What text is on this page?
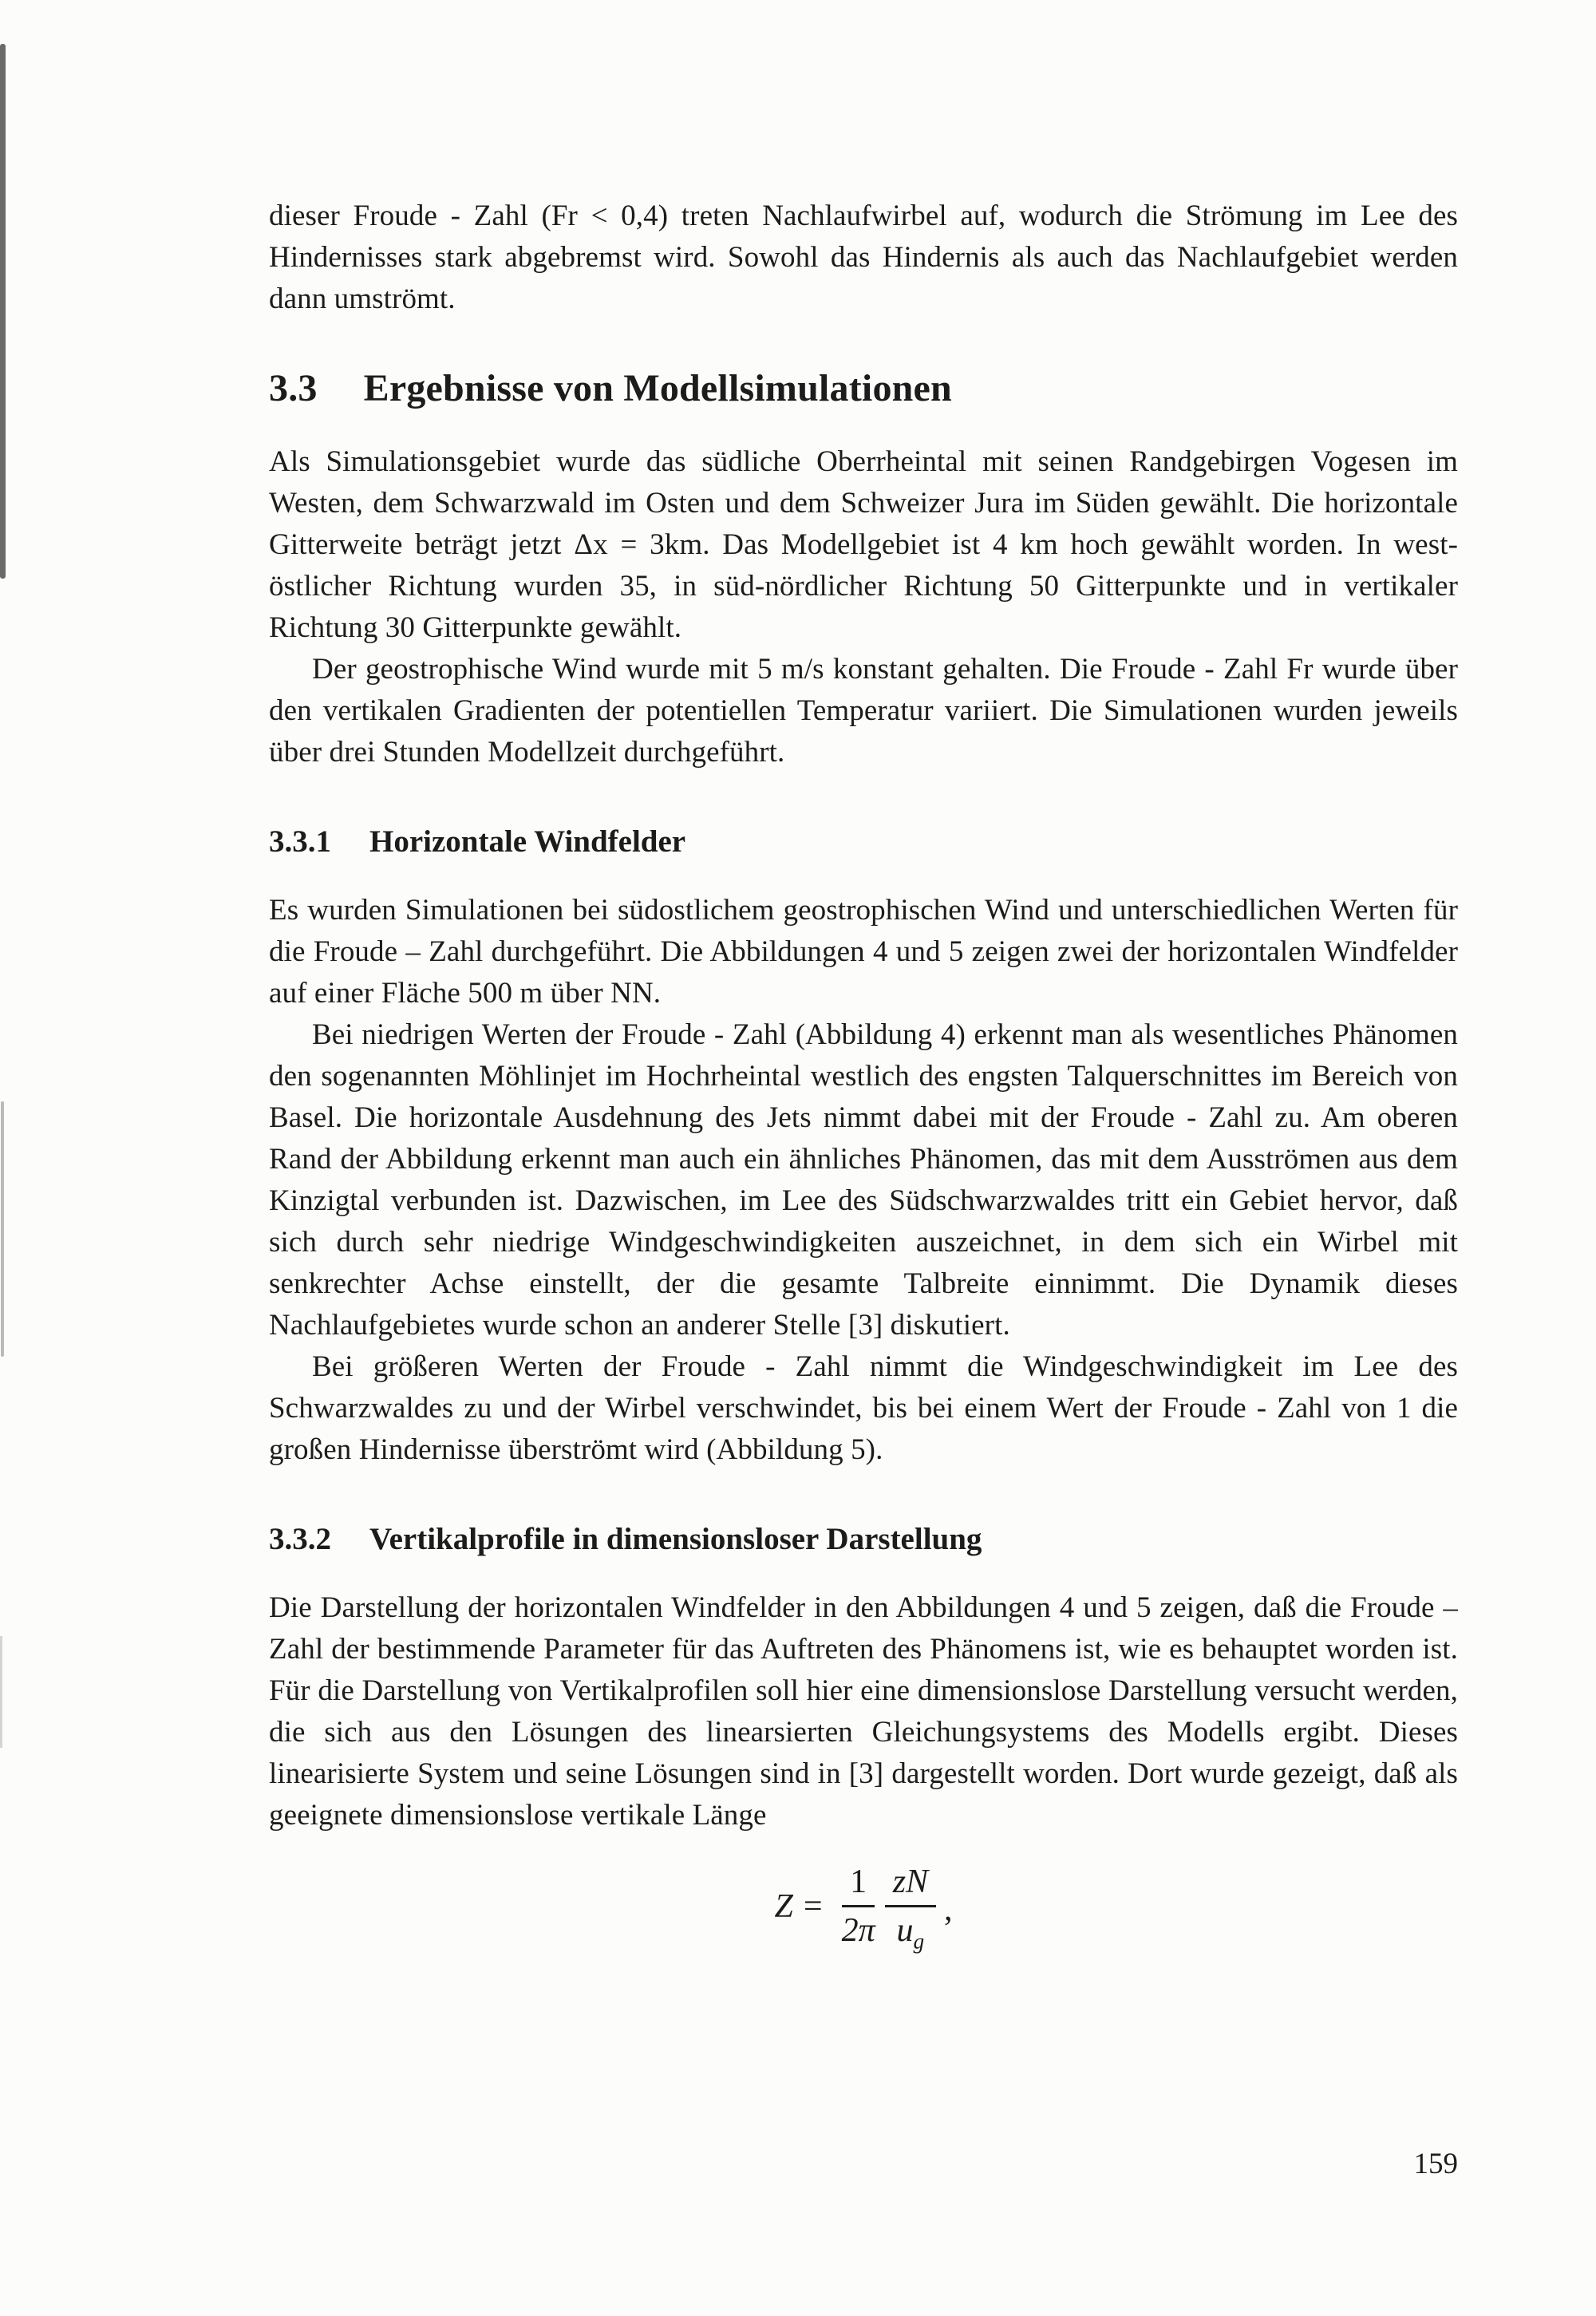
dieser Froude - Zahl (Fr < 0,4) treten Nachlaufwirbel auf, wodurch die Strömung im Lee des Hindernisses stark abgebremst wird. Sowohl das Hindernis als auch das Nachlaufgebiet werden dann umströmt.

3.3 Ergebnisse von Modellsimulationen

Als Simulationsgebiet wurde das südliche Oberrheintal mit seinen Randgebirgen Vogesen im Westen, dem Schwarzwald im Osten und dem Schweizer Jura im Süden gewählt. Die horizontale Gitterweite beträgt jetzt Δx = 3km. Das Modellgebiet ist 4 km hoch gewählt worden. In west- östlicher Richtung wurden 35, in süd-nördlicher Richtung 50 Gitterpunkte und in vertikaler Richtung 30 Gitterpunkte gewählt.

Der geostrophische Wind wurde mit 5 m/s konstant gehalten. Die Froude - Zahl Fr wurde über den vertikalen Gradienten der potentiellen Temperatur variiert. Die Simulationen wurden jeweils über drei Stunden Modellzeit durchgeführt.

3.3.1 Horizontale Windfelder

Es wurden Simulationen bei südostlichem geostrophischen Wind und unterschiedlichen Werten für die Froude – Zahl durchgeführt. Die Abbildungen 4 und 5 zeigen zwei der horizontalen Windfelder auf einer Fläche 500 m über NN.

Bei niedrigen Werten der Froude - Zahl (Abbildung 4) erkennt man als wesentliches Phänomen den sogenannten Möhlinjet im Hochrheintal westlich des engsten Talquerschnittes im Bereich von Basel. Die horizontale Ausdehnung des Jets nimmt dabei mit der Froude - Zahl zu. Am oberen Rand der Abbildung erkennt man auch ein ähnliches Phänomen, das mit dem Ausströmen aus dem Kinzigtal verbunden ist. Dazwischen, im Lee des Südschwarzwaldes tritt ein Gebiet hervor, daß sich durch sehr niedrige Windgeschwindigkeiten auszeichnet, in dem sich ein Wirbel mit senkrechter Achse einstellt, der die gesamte Talbreite einnimmt. Die Dynamik dieses Nachlaufgebietes wurde schon an anderer Stelle [3] diskutiert.

Bei größeren Werten der Froude - Zahl nimmt die Windgeschwindigkeit im Lee des Schwarzwaldes zu und der Wirbel verschwindet, bis bei einem Wert der Froude - Zahl von 1 die großen Hindernisse überströmt wird (Abbildung 5).

3.3.2 Vertikalprofile in dimensionsloser Darstellung

Die Darstellung der horizontalen Windfelder in den Abbildungen 4 und 5 zeigen, daß die Froude – Zahl der bestimmende Parameter für das Auftreten des Phänomens ist, wie es behauptet worden ist. Für die Darstellung von Vertikalprofilen soll hier eine dimensionslose Darstellung versucht werden, die sich aus den Lösungen des linearsierten Gleichungsystems des Modells ergibt. Dieses linearisierte System und seine Lösungen sind in [3] dargestellt worden. Dort wurde gezeigt, daß als geeignete dimensionslose vertikale Länge

$Z = \frac{1}{2\pi} \frac{zN}{u_g}$ ,
159
